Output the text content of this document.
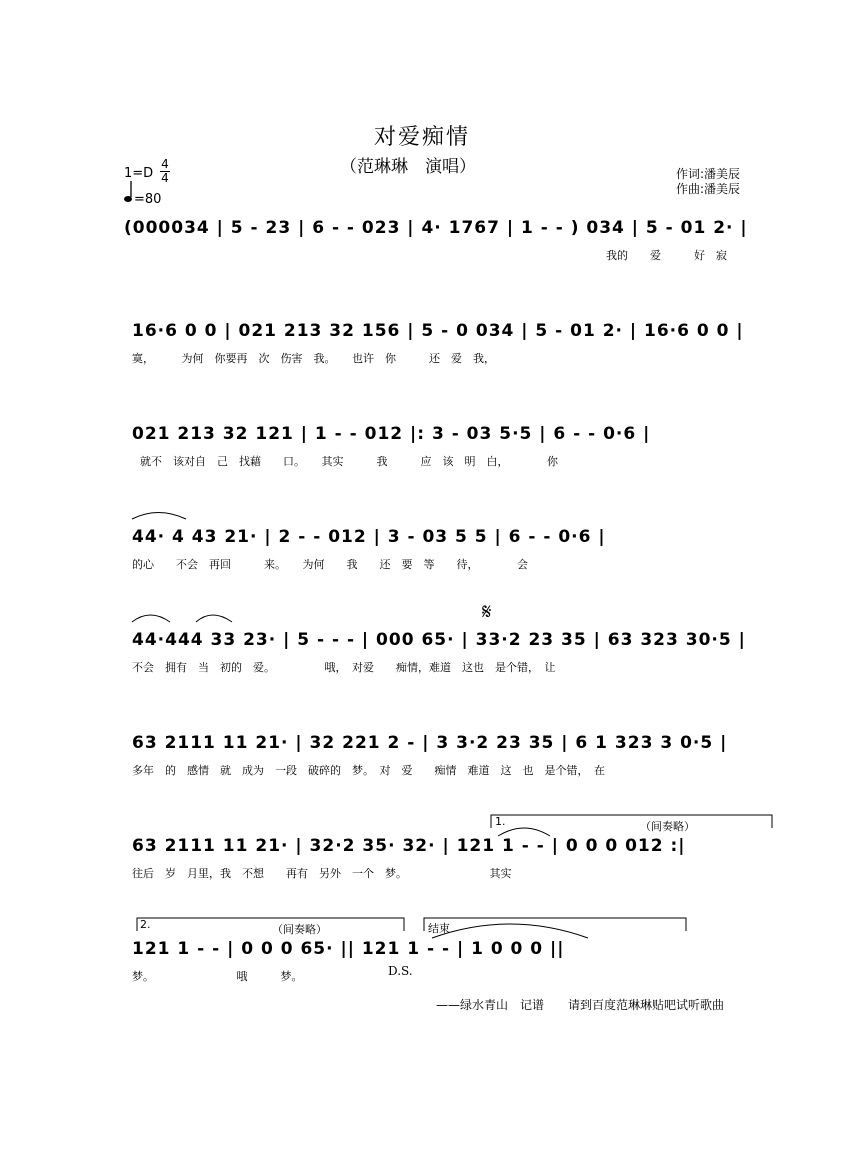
对爱痴情
（范琳琳　演唱）	作词:潘美辰
作曲:潘美辰
1=D
4
4
=80
(000034 | 5 - 23 | 6 - - 023 | 4· 1767 | 1 - - ) 034 | 5 - 01 2· |
我的　　爱　　　好　寂
16·6 0 0 | 021 213 32 156 | 5 - 0 034 | 5 - 01 2· | 16·6 0 0 |
寞，　　　为何　你要再　次　伤害　我。　　也许　你　　　还　爱　我，
021 213 32 121 | 1 - - 012 |: 3 - 03 5·5 | 6 - - 0·6 |
就不　该对自　己　找藉　　口。　　其实　　　我　　　应　该　明　白，　　　　你
44· 4 43 21· | 2 - - 012 | 3 - 03 5 5 | 6 - - 0·6 |
的心　　不会　再回　　　来。　　为何　　我　　还　要　等　　待，　　　　会
𝄋
44·444 33 23· | 5 - - - | 000 65· | 33·2 23 35 | 63 323 30·5 |
不会　拥有　当　初的　爱。　　　　　哦，　对爱　　痴情，难道　这也　是个错，　让
63 2111 11 21· | 32 221 2 - | 3 3·2 23 35 | 6 1 323 3 0·5 |
多年　的　感情　就　成为　一段　破碎的　梦。　对　爱　　痴情　难道　这　也　是个错，　在
1.	（间奏略）
63 2111 11 21· | 32·2 35· 32· | 121 1 - - | 0 0 0 012 :|
往后　岁　月里，我　不想　　再有　另外　一个　梦。　　　　　　　　其实
2.	（间奏略）	结束
121 1 - - | 0 0 0 65· || 121 1 - - | 1 0 0 0 ||
梦。　　　　　　　　哦　　　梦。	D.S.
——绿水青山　记谱　　请到百度范琳琳贴吧试听歌曲
